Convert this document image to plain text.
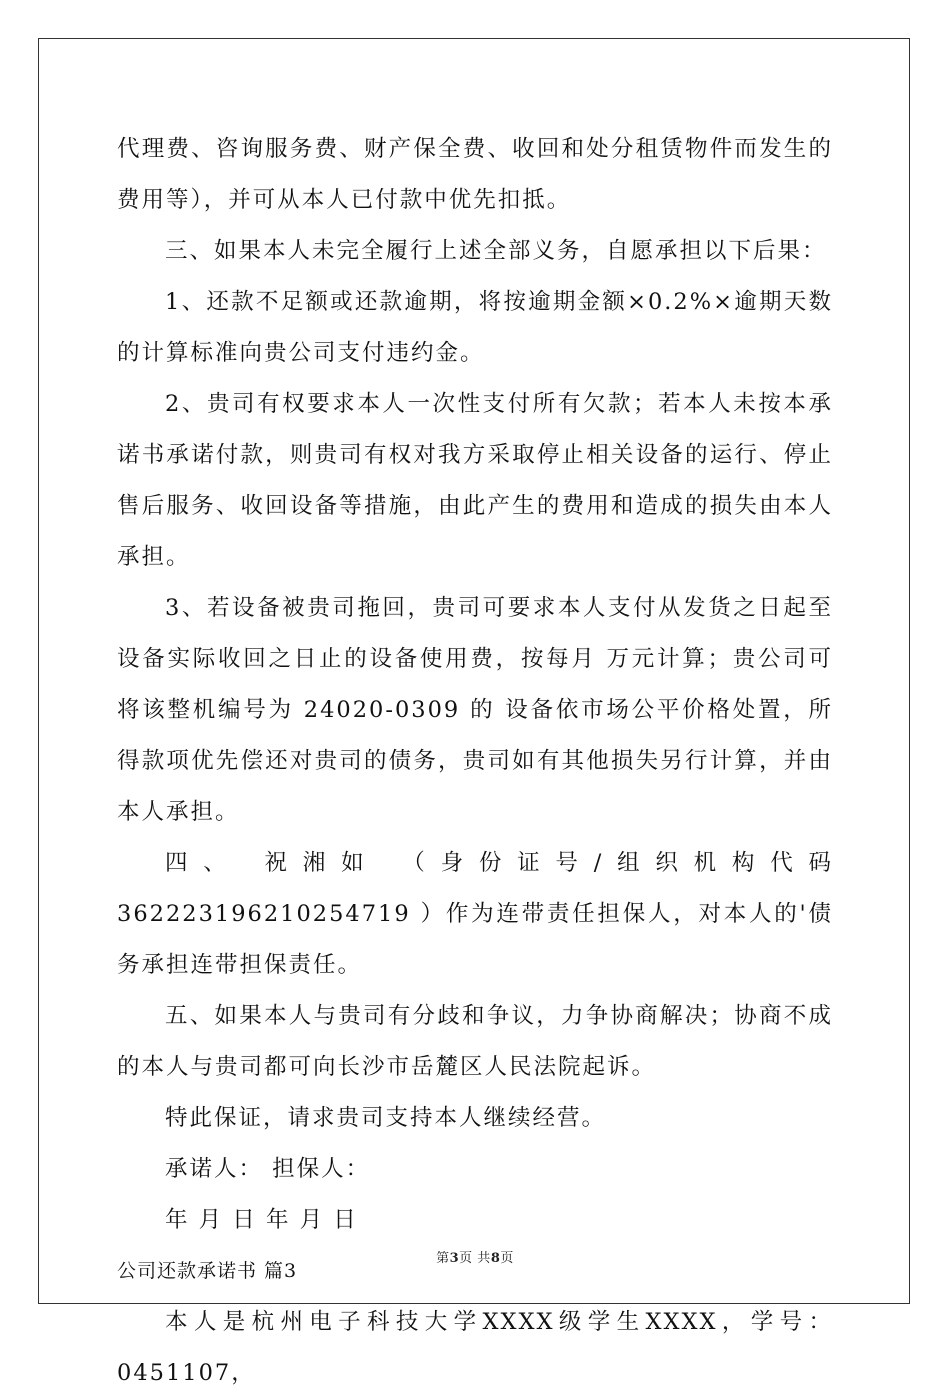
代理费、咨询服务费、财产保全费、收回和处分租赁物件而发生的费用等），并可从本人已付款中优先扣抵。

三、如果本人未完全履行上述全部义务，自愿承担以下后果：

1、还款不足额或还款逾期，将按逾期金额×0.2%×逾期天数的计算标准向贵公司支付违约金。

2、贵司有权要求本人一次性支付所有欠款；若本人未按本承诺书承诺付款，则贵司有权对我方采取停止相关设备的运行、停止售后服务、收回设备等措施，由此产生的费用和造成的损失由本人承担。

3、若设备被贵司拖回，贵司可要求本人支付从发货之日起至设备实际收回之日止的设备使用费，按每月 万元计算；贵公司可将该整机编号为 24020-0309 的 设备依市场公平价格处置，所得款项优先偿还对贵司的债务，贵司如有其他损失另行计算，并由本人承担。

四、 祝湘如 （身份证号/组织机构代码 362223196210254719 ）作为连带责任担保人，对本人的'债务承担连带担保责任。

五、如果本人与贵司有分歧和争议，力争协商解决；协商不成的本人与贵司都可向长沙市岳麓区人民法院起诉。

特此保证，请求贵司支持本人继续经营。

承诺人： 担保人：

年 月 日 年 月 日

公司还款承诺书 篇3

本人是杭州电子科技大学XXXX级学生XXXX，学号：0451107，

第3页 共8页
